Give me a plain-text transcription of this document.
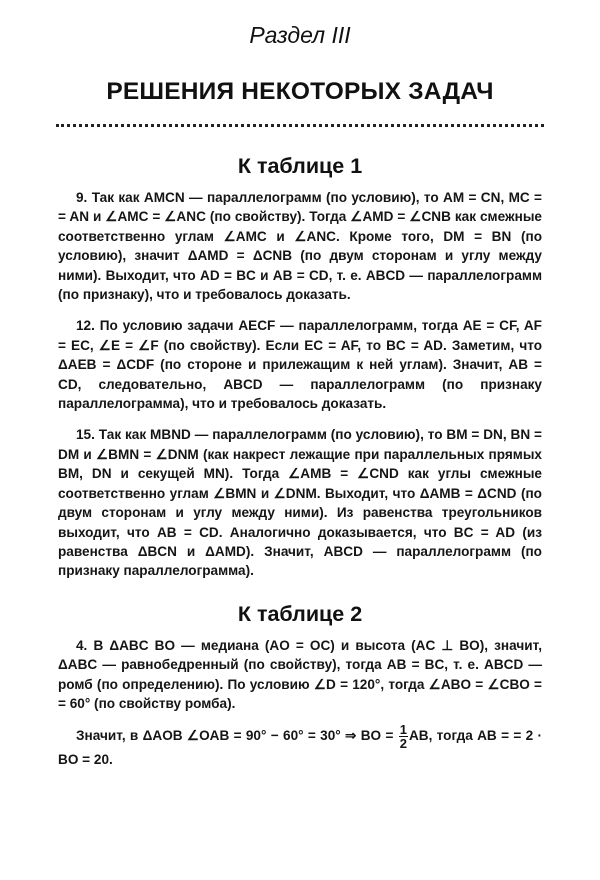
Раздел III
РЕШЕНИЯ НЕКОТОРЫХ ЗАДАЧ
К таблице 1

9. Так как AMCN — параллелограмм (по условию), то AM = CN, MC = = AN и ∠AMC = ∠ANC (по свойству). Тогда ∠AMD = ∠CNB как смежные соответственно углам ∠AMC и ∠ANC. Кроме того, DM = BN (по условию), значит ΔAMD = ΔCNB (по двум сторонам и углу между ними). Выходит, что AD = BC и AB = CD, т. е. ABCD — параллелограмм (по признаку), что и требовалось доказать.

12. По условию задачи AECF — параллелограмм, тогда AE = CF, AF = EC, ∠E = ∠F (по свойству). Если EC = AF, то BC = AD. Заметим, что ΔAEB = ΔCDF (по стороне и прилежащим к ней углам). Значит, AB = CD, следовательно, ABCD — параллелограмм (по признаку параллелограмма), что и требовалось доказать.

15. Так как MBND — параллелограмм (по условию), то BM = DN, BN = DM и ∠BMN = ∠DNM (как накрест лежащие при параллельных прямых BM, DN и секущей MN). Тогда ∠AMB = ∠CND как углы смежные соответственно углам ∠BMN и ∠DNM. Выходит, что ΔAMB = ΔCND (по двум сторонам и углу между ними). Из равенства треугольников выходит, что AB = CD. Аналогично доказывается, что BC = AD (из равенства ΔBCN и ΔAMD). Значит, ABCD — параллелограмм (по признаку параллелограмма).

К таблице 2

4. В ΔABC BO — медиана (AO = OC) и высота (AC ⊥ BO), значит, ΔABC — равнобедренный (по свойству), тогда AB = BC, т. е. ABCD — ромб (по определению). По условию ∠D = 120°, тогда ∠ABO = ∠CBO = = 60° (по свойству ромба).

Значит, в ΔAOB ∠OAB = 90° − 60° = 30° ⇒ BO = $\frac{1}{2}$ AB, тогда AB = = 2 · BO = 20.
